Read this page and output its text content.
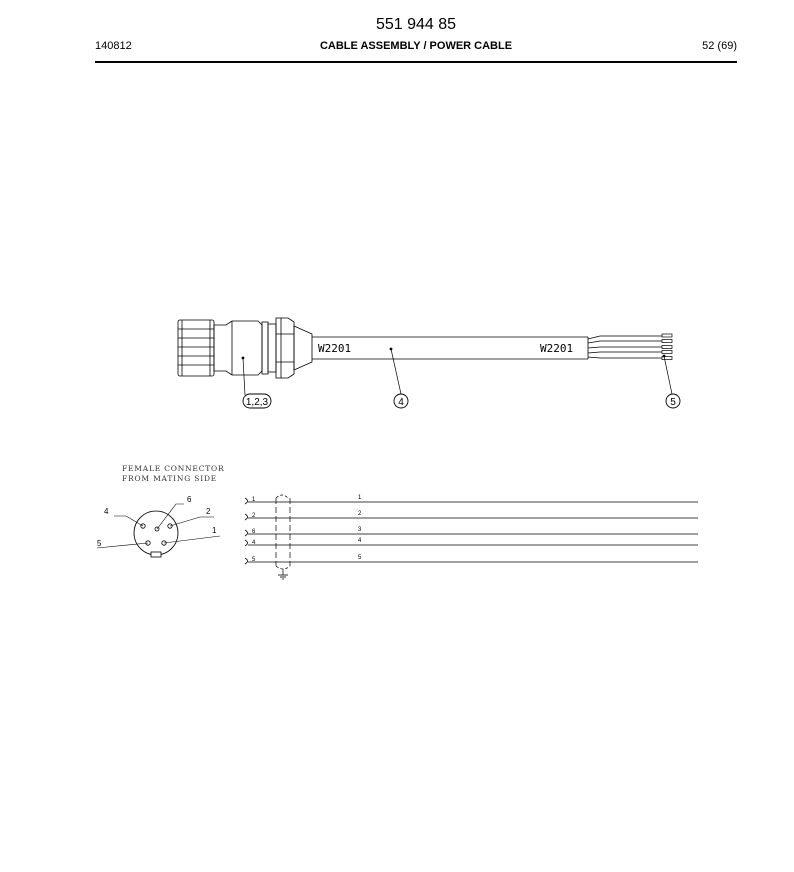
551 944 85
140812	CABLE ASSEMBLY / POWER CABLE	52 (69)
W2201	W2201
1,2,3	4	5
FEMALE CONNECTOR
FROM MATING SIDE
4
6
2
5
1
1
2
6
4
5
1
2
3
4
5
